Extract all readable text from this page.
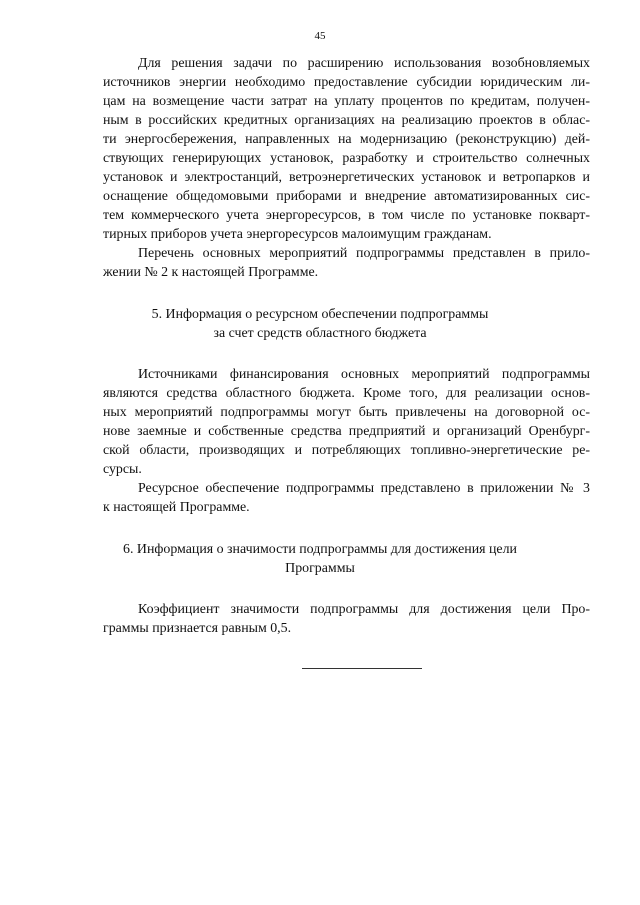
45
Для решения задачи по расширению использования возобновляемых
источников энергии необходимо предоставление субсидии юридическим ли-
цам на возмещение части затрат на уплату процентов по кредитам, получен-
ным в российских кредитных организациях на реализацию проектов в облас-
ти энергосбережения, направленных на модернизацию (реконструкцию) дей-
ствующих генерирующих установок, разработку и строительство солнечных
установок и электростанций, ветроэнергетических установок и ветропарков и
оснащение общедомовыми приборами и внедрение автоматизированных сис-
тем коммерческого учета энергоресурсов, в том числе по установке покварт-
тирных приборов учета энергоресурсов малоимущим гражданам.
Перечень основных мероприятий подпрограммы представлен в прило-
жении № 2 к настоящей Программе.
5. Информация о ресурсном обеспечении подпрограммы
за счет средств областного бюджета
Источниками финансирования основных мероприятий подпрограммы
являются средства областного бюджета. Кроме того, для реализации основ-
ных мероприятий подпрограммы могут быть привлечены на договорной ос-
нове заемные и собственные средства предприятий и организаций Оренбург-
ской области, производящих и потребляющих топливно-энергетические ре-
сурсы.
Ресурсное обеспечение подпрограммы представлено в приложении № 3
к настоящей Программе.
6. Информация о значимости подпрограммы для достижения цели
Программы
Коэффициент значимости подпрограммы для достижения цели Про-
граммы признается равным 0,5.
